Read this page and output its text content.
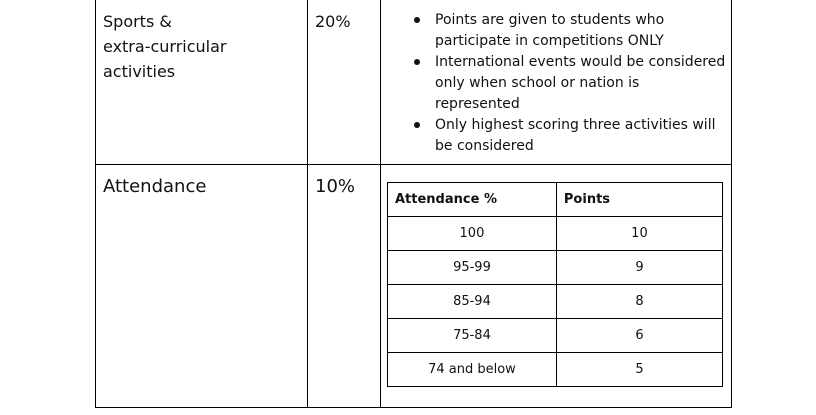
Sports &
extra-curricular
activities
20%	Points are given to students who participate in competitions ONLY
International events would be considered only when school or nation is represented
Only highest scoring three activities will be considered
Attendance	10%
Attendance %	Points
100	10
95-99	9
85-94	8
75-84	6
74 and below	5
